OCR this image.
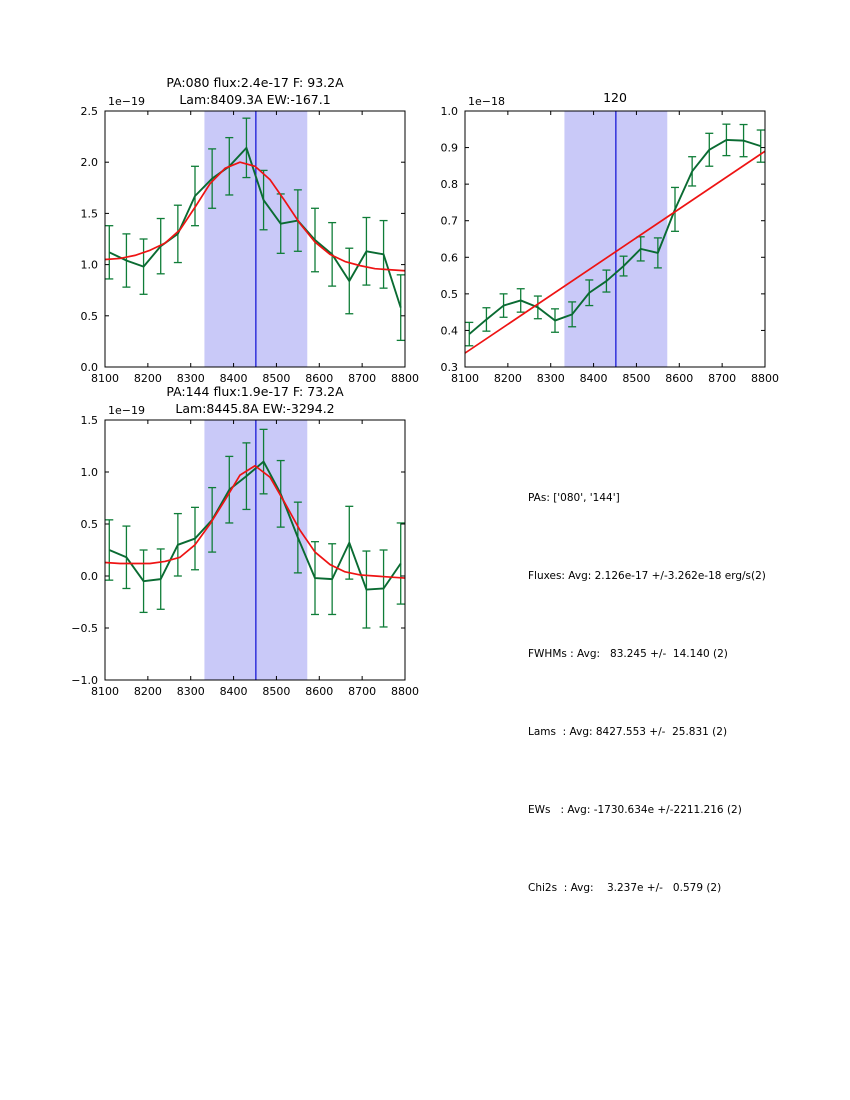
8100 8200 8300 8400 8500 8600 8700 8800
0.0
0.5
1.0
1.5
2.0
2.5
1e−19
PA:080 flux:2.4e-17 F: 93.2A
Lam:8409.3A EW:-167.1
8100 8200 8300 8400 8500 8600 8700 8800
0.3
0.4
0.5
0.6
0.7
0.8
0.9
1.0
1e−18	120
8100 8200 8300 8400 8500 8600 8700 8800
−1.0
−0.5
0.0
0.5
1.0
1.5
1e−19
PA:144 flux:1.9e-17 F: 73.2A
Lam:8445.8A EW:-3294.2

PAs: ['080', '144']

Fluxes: Avg: 2.126e-17 +/-3.262e-18 erg/s(2)

FWHMs : Avg:   83.245 +/-  14.140 (2)

Lams  : Avg: 8427.553 +/-  25.831 (2)

EWs   : Avg: -1730.634e +/-2211.216 (2)

Chi2s  : Avg:    3.237e +/-   0.579 (2)
